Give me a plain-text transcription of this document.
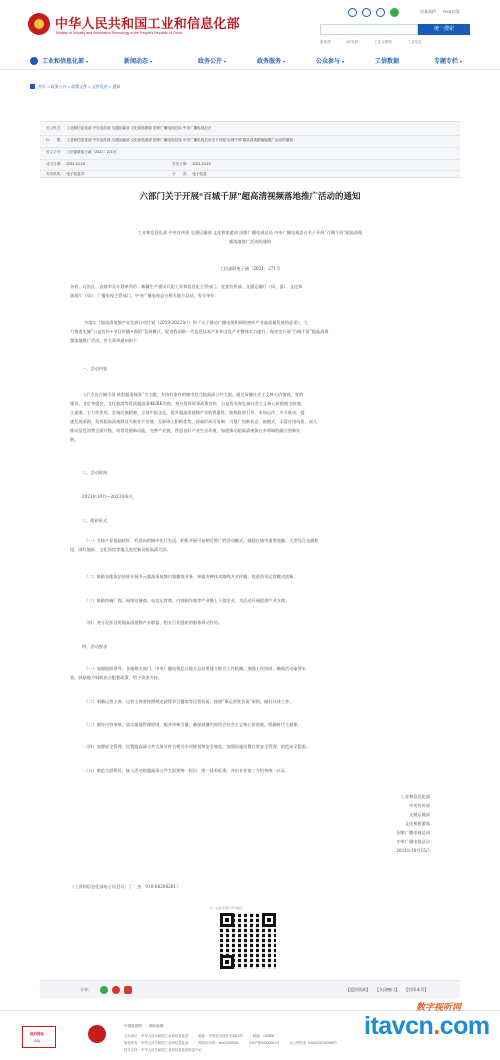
中华人民共和国工业和信息化部
Ministry of Industry and Information Technology of the People's Republic of China
访客预约 RSS订阅
统一搜索
新基建	5G发展	工业互联网	工业信息
工业和信息化部 ▾	新闻动态 ▾	政务公开 ▾	政务服务 ▾	公众参与 ▾	工信数据	专题专栏 ▾
首页 > 政务公开 > 政策文件 > 文件发布 > 通知
发文机关: 工业和信息化部 中央宣传部 交通运输部 文化和旅游部 国家广播电视总局 中央广播电视总台
标　　题: 工业和信息化部 中央宣传部 交通运输部 文化和旅游部 国家广播电视总局 中央广播电视总台关于开展“百城千屏”超高清视频落地推广活动的通知
发文字号: 工信部联电子函〔2021〕271号
成文日期: 2021-10-15	发布日期: 2021-10-19
发布机构: 电子信息司	分　　类: 电子信息
六部门关于开展“百城千屏”超高清视频落地推广活动的通知
工业和信息化部 中央宣传部 交通运输部 文化和旅游部 国家广播电视总局 中央广播电视总台关于开展“百城千屏”超高清视
频落地推广活动的通知
工信部联电子函〔2021〕271号
各省、自治区、直辖市及计划单列市、新疆生产建设兵团工业和信息化主管部门，党委宣传部，交通运输厅（局、委）、文化和
旅游厅（局）、广播电视主管部门，中央广播电视总台相关地方总站，有关单位：
为落实《超高清视频产业发展行动计划（2019-2022年）》和《关于推动广播电视和网络视听产业高质量发展的意见》，大
力推进实施“公益宣传+节目传播+商用”发展模式，促进我国新一代信息技术产业和文化产业整体实力提升，现决定开展“百城千屏”超高清视
频落地推广活动。有关事项通知如下：
一、活动内容
以“点亮百城千屏 炫彩超清视界”为主题，支持有条件的城市设立超高清公共大屏，通过屏播社会主义核心价值观、党的
建设、北京冬奥会、文化旅游等优质超高清4K/8K内容，充分发挥时事政策宣传、公益发布和弘扬社会主义核心价值观主阵地、
主渠道、主力军作用，宏扬民族精神，呈现中国文化，提升超高清视频产业的普惠性。按照政府引导、市场运作、多方联动，提
速发展原则，发挥超高清视频及关联业产业链、互联网上积极优势，探索形成可复制、可推广的新业态、新模式，丰富应用场景，深入
推动信息消费全面升级，培育发展新动能，完善产业链，营造良好产业生态环境，加速推动超高清视频在多领域的融合创新发
展。
二、活动时间
2021年10月—2023年6月。
三、组织形式
（一）支持产业基础较好、有意向的城市先行先试，积极开展可复制可推广的活动模式，鼓励在城市重要商圈、大型综合交通枢
纽、网红地标、文化场馆等地点选定新设超高清大屏。
（二）鼓励各地依法依规开展多元超高清视频内容播放业务，探索多种技术路线方式传输，促进资讯运营模式创新。
（三）鼓励终端厂商、网络设备商、电信运营商、内容制作商等产业链上下游企业，为活动开展提供产业支撑。
（四）充分发挥各类超高清视频产业联盟、相关行业组织的服务带动作用。
四、活动要求
（一）加强组织领导。各地相关部门、中央广播电视总台地方总站要建立联合工作机制，加强工作协同，确保活动取得实
效。鼓励地方财政出台配套政策，给予资金支持。
（二）明确运营主体。运营主体要按照规定获得节目播放等运营资质，按照“事运营谁负责”原则，做好具体工作。
（三）做好内容审核。落实属地管理原则，配齐审核力量，确保展播内容符合社会主义核心价值观，明确时代主旋律。
（四）加强安全管理。设置超高清公共大屏应符合相关专项规划和安全规范，加强设施设置日常安全管理，防范安全隐患。
（五）规范大屏建设。接入活动的超高清公共大屏须统一标识、统一技术标准，并由专业第三方机构统一认证。
工业和信息化部
中央宣传部
交通运输部
文化和旅游部
国家广播电视总局
中央广播电视总台
2021年10月15日
（工业和信息化部电子信息司：丁　杰　010-68208261）
扫一扫在手机打开当前页
分享:	【返回顶部】 【关闭窗口】 【打印本页】
政府网站
找错
中国政府网 网站地图
主办单位：中华人民共和国工业和信息化部	地址：中国北京西长安街13号	邮编：100804
版权所有：中华人民共和国工业和信息化部	网站标识码：bm07000001	京ICP备04000001号	京公网安备 11040102700068号
技术支持：中华人民共和国工业和信息化部信息中心
数字视听网
itavcn.com
